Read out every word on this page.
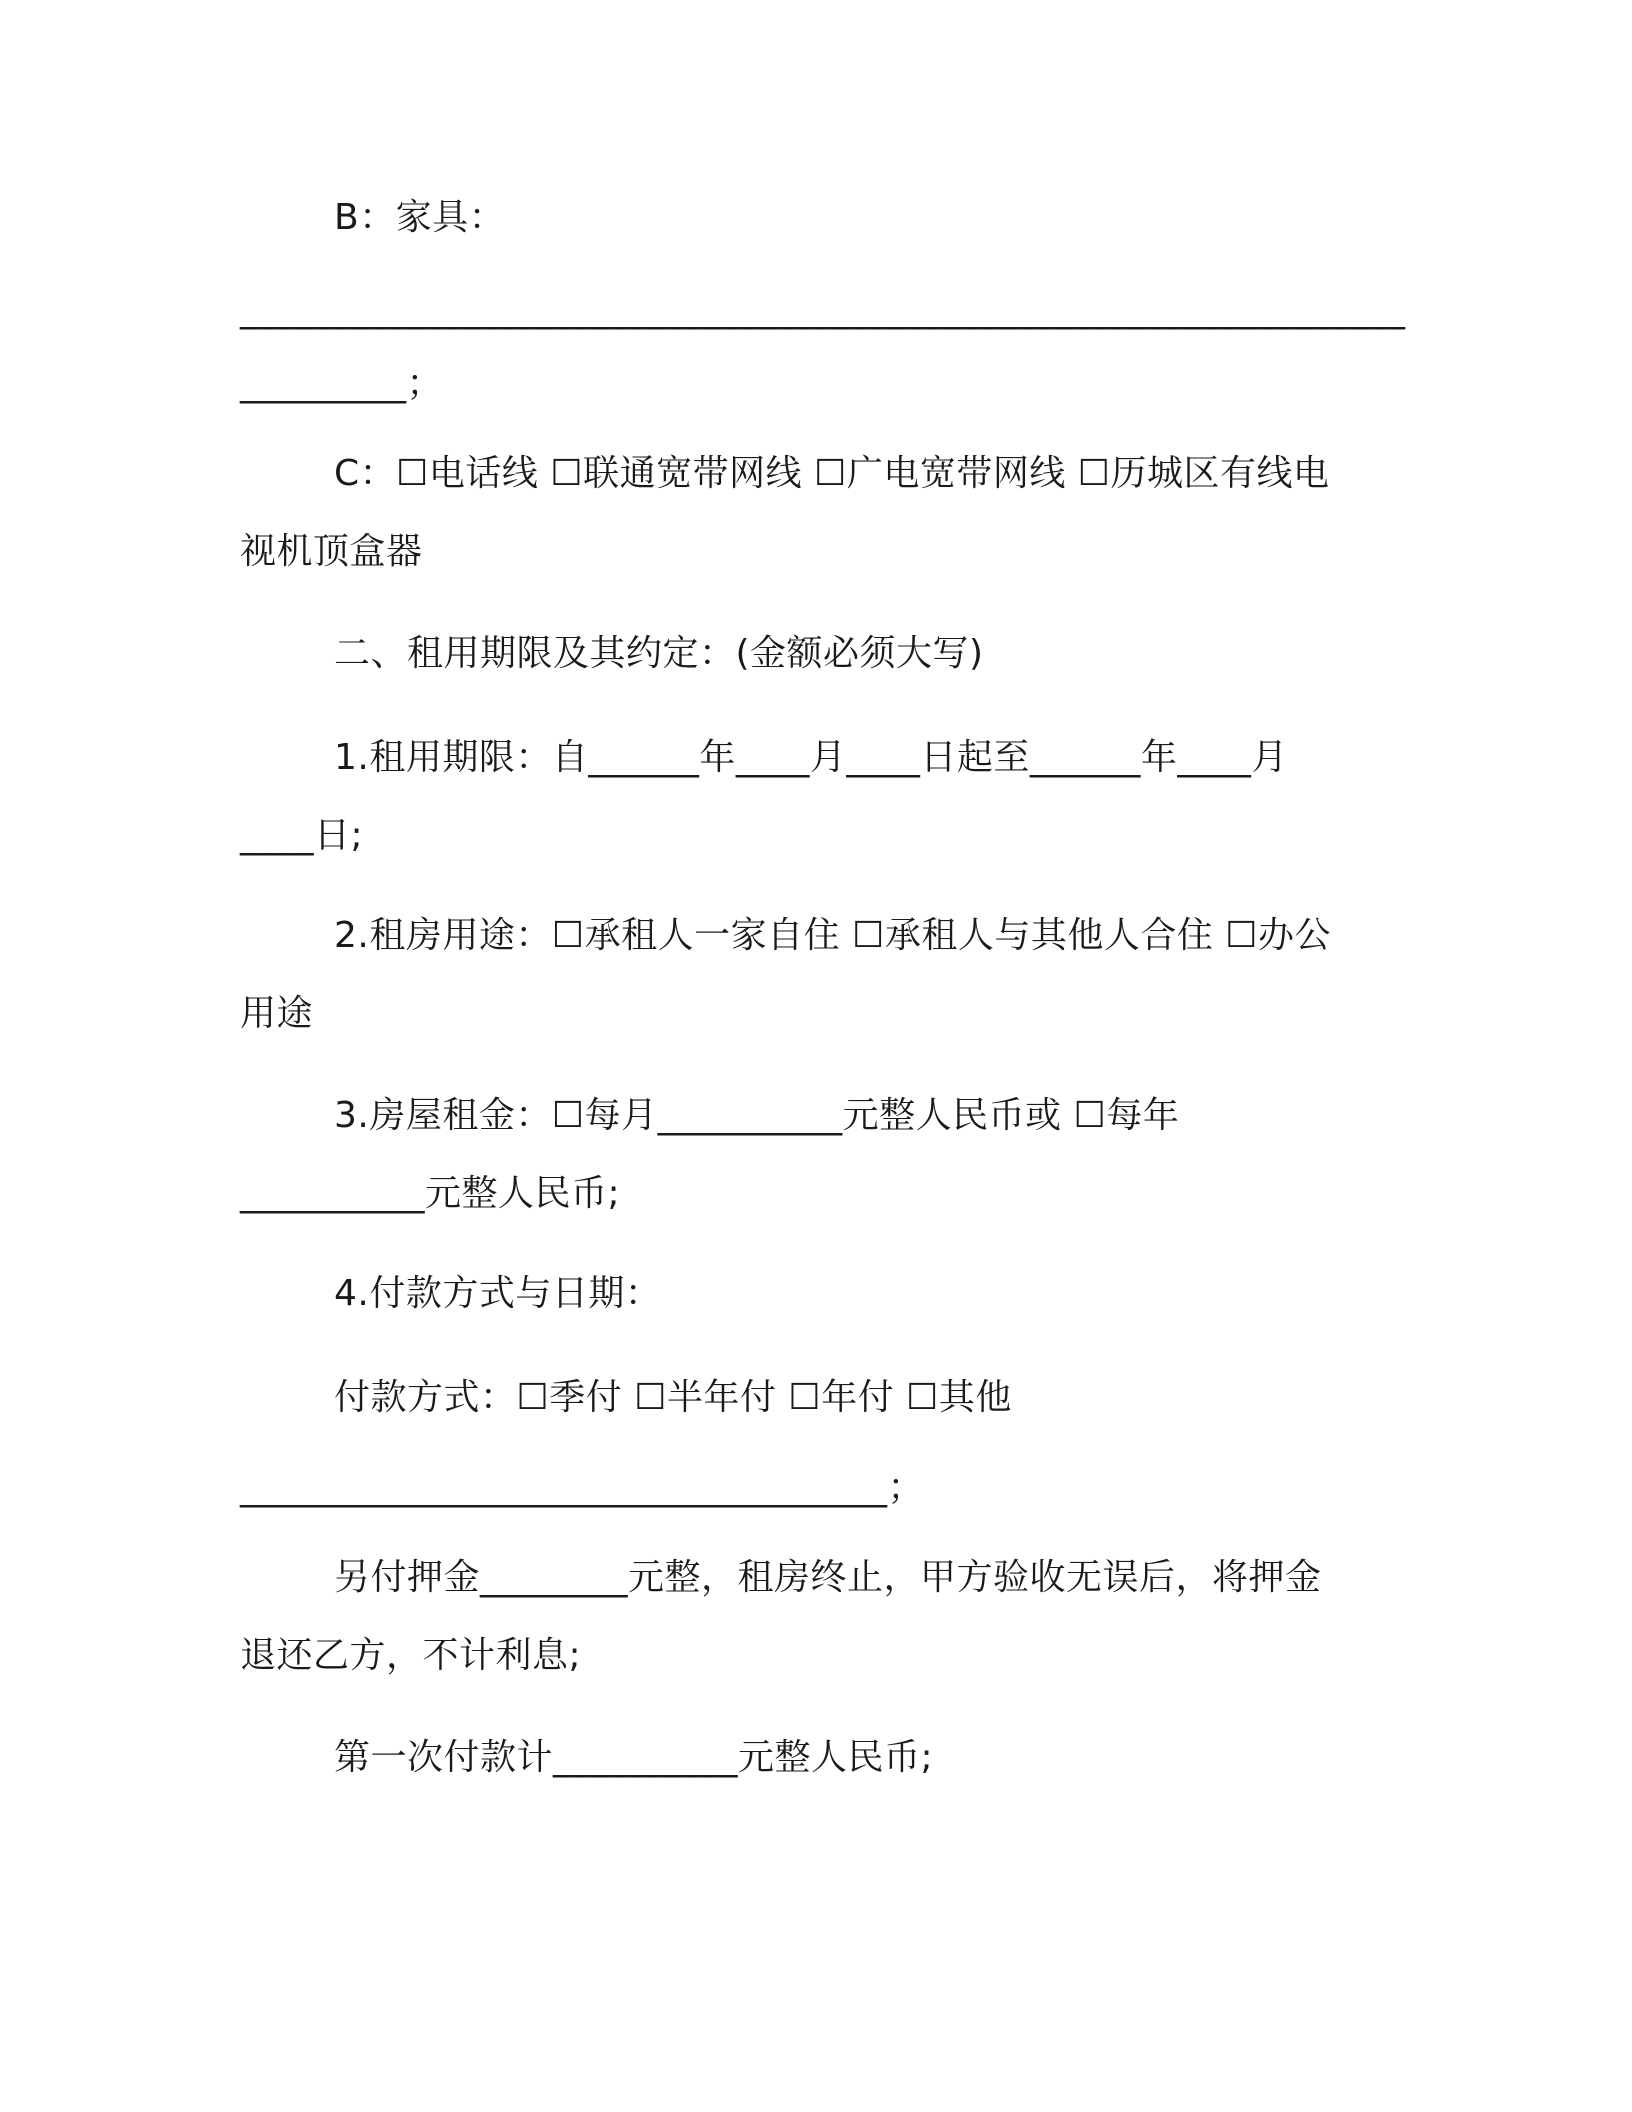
B：家具：
_______________________________________________________________
_________；
C：☐电话线 ☐联通宽带网线 ☐广电宽带网线 ☐历城区有线电
视机顶盒器
二、租用期限及其约定：(金额必须大写)
1.租用期限：自______年____月____日起至______年____月
____日;
2.租房用途：☐承租人一家自住 ☐承租人与其他人合住 ☐办公
用途
3.房屋租金：☐每月__________元整人民币或 ☐每年
__________元整人民币;
4.付款方式与日期：
付款方式：☐季付 ☐半年付 ☐年付 ☐其他
___________________________________；
另付押金________元整，租房终止，甲方验收无误后，将押金
退还乙方，不计利息;
第一次付款计__________元整人民币;
